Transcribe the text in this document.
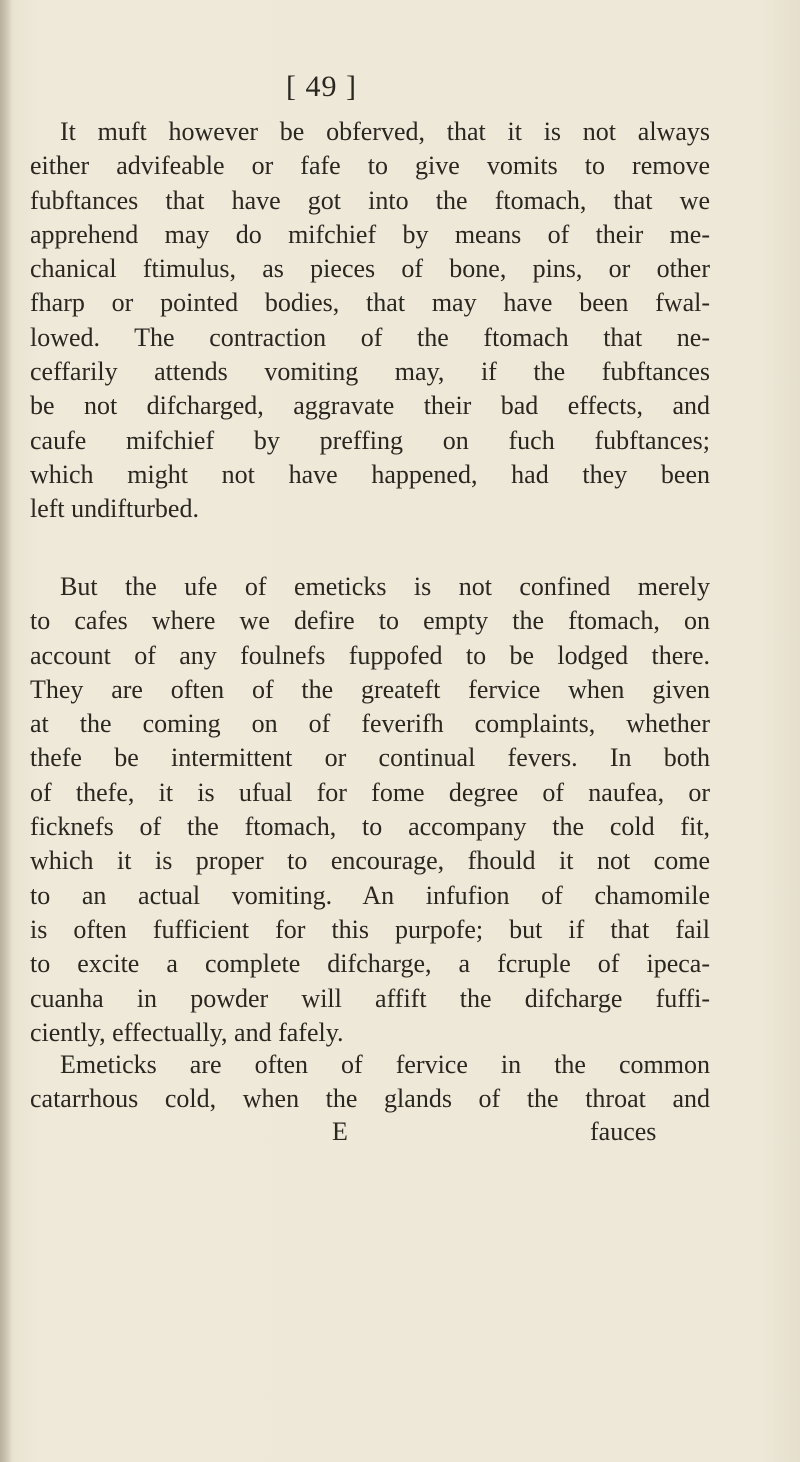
[ 49 ]
It muft however be obferved, that it is not always
either advifeable or fafe to give vomits to remove
fubftances that have got into the ftomach, that we
apprehend may do mifchief by means of their me-
chanical ftimulus, as pieces of bone, pins, or other
fharp or pointed bodies, that may have been fwal-
lowed. The contraction of the ftomach that ne-
ceffarily attends vomiting may, if the fubftances
be not difcharged, aggravate their bad effects, and
caufe mifchief by preffing on fuch fubftances;
which might not have happened, had they been
left undifturbed.
But the ufe of emeticks is not confined merely
to cafes where we defire to empty the ftomach, on
account of any foulnefs fuppofed to be lodged there.
They are often of the greateft fervice when given
at the coming on of feverifh complaints, whether
thefe be intermittent or continual fevers. In both
of thefe, it is ufual for fome degree of naufea, or
ficknefs of the ftomach, to accompany the cold fit,
which it is proper to encourage, fhould it not come
to an actual vomiting. An infufion of chamomile
is often fufficient for this purpofe; but if that fail
to excite a complete difcharge, a fcruple of ipeca-
cuanha in powder will affift the difcharge fuffi-
ciently, effectually, and fafely.
Emeticks are often of fervice in the common
catarrhous cold, when the glands of the throat and
E	fauces
